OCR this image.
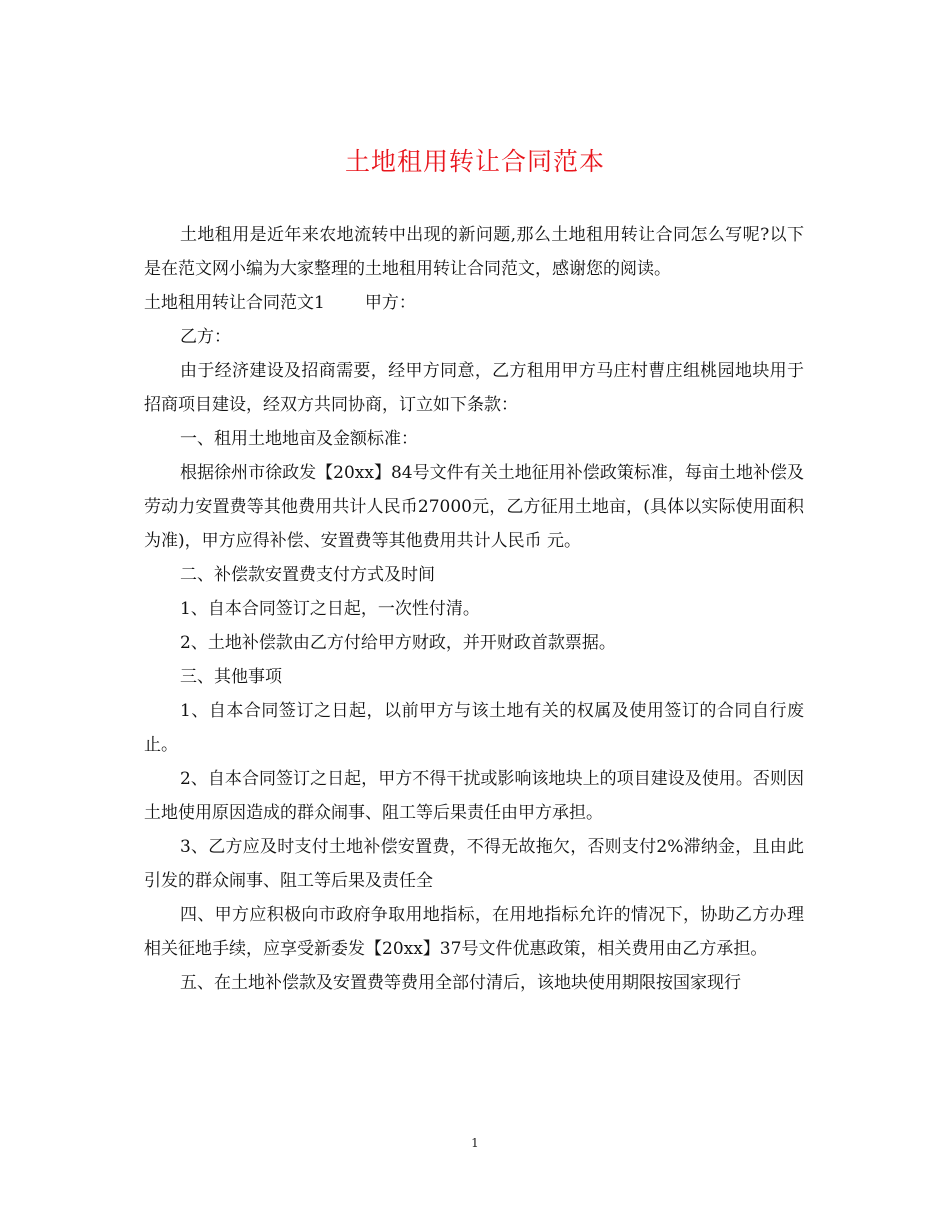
土地租用转让合同范本

土地租用是近年来农地流转中出现的新问题,那么土地租用转让合同怎么写呢?以下是在范文网小编为大家整理的土地租用转让合同范文，感谢您的阅读。

土地租用转让合同范文1 甲方：

乙方：

由于经济建设及招商需要，经甲方同意，乙方租用甲方马庄村曹庄组桃园地块用于招商项目建设，经双方共同协商，订立如下条款：

一、租用土地地亩及金额标准：

根据徐州市徐政发【20xx】84号文件有关土地征用补偿政策标准，每亩土地补偿及劳动力安置费等其他费用共计人民币27000元，乙方征用土地亩，(具体以实际使用面积为准)，甲方应得补偿、安置费等其他费用共计人民币 元。

二、补偿款安置费支付方式及时间

1、自本合同签订之日起，一次性付清。

2、土地补偿款由乙方付给甲方财政，并开财政首款票据。

三、其他事项

1、自本合同签订之日起，以前甲方与该土地有关的权属及使用签订的合同自行废止。

2、自本合同签订之日起，甲方不得干扰或影响该地块上的项目建设及使用。否则因土地使用原因造成的群众闹事、阻工等后果责任由甲方承担。

3、乙方应及时支付土地补偿安置费，不得无故拖欠，否则支付2%滞纳金，且由此引发的群众闹事、阻工等后果及责任全

四、甲方应积极向市政府争取用地指标，在用地指标允许的情况下，协助乙方办理相关征地手续，应享受新委发【20xx】37号文件优惠政策，相关费用由乙方承担。

五、在土地补偿款及安置费等费用全部付清后，该地块使用期限按国家现行

1
